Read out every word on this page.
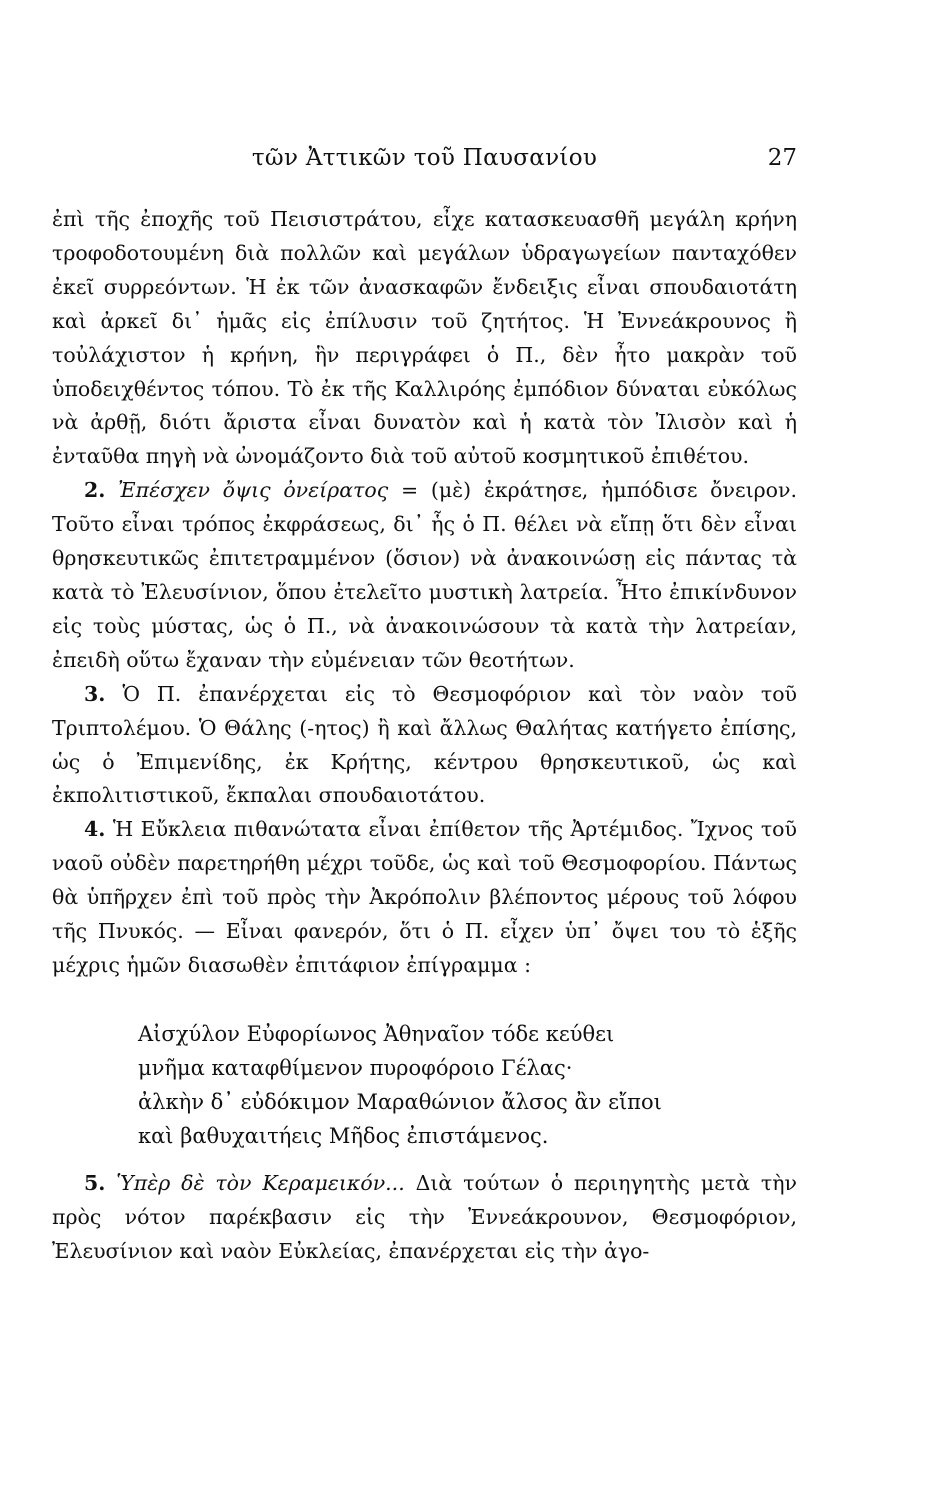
τῶν Ἀττικῶν τοῦ Παυσανίου	27

ἐπὶ τῆς ἐποχῆς τοῦ Πεισιστράτου, εἶχε κατασκευασθῆ μεγάλη κρήνη τροφοδοτουμένη διὰ πολλῶν καὶ μεγάλων ὑδραγωγείων πανταχόθεν ἐκεῖ συρρεόντων. Ἡ ἐκ τῶν ἀνασκαφῶν ἔνδειξις εἶναι σπουδαιοτάτη καὶ ἀρκεῖ δι᾽ ἡμᾶς εἰς ἐπίλυσιν τοῦ ζητήτος. Ἡ Ἐννεάκρουνος ἢ τοὐλάχιστον ἡ κρήνη, ἣν περιγράφει ὁ Π., δὲν ἦτο μακρὰν τοῦ ὑποδειχθέντος τόπου. Τὸ ἐκ τῆς Καλλιρόης ἐμπόδιον δύναται εὐκόλως νὰ ἀρθῇ, διότι ἄριστα εἶναι δυνατὸν καὶ ἡ κατὰ τὸν Ἰλισὸν καὶ ἡ ἐνταῦθα πηγὴ νὰ ὠνομάζοντο διὰ τοῦ αὐτοῦ κοσμητικοῦ ἐπιθέτου.

2. Ἐπέσχεν ὄψις ὀνείρατος = (μὲ) ἐκράτησε, ἠμπόδισε ὄνειρον. Τοῦτο εἶναι τρόπος ἐκφράσεως, δι᾽ ἧς ὁ Π. θέλει νὰ εἴπῃ ὅτι δὲν εἶναι θρησκευτικῶς ἐπιτετραμμένον (ὅσιον) νὰ ἀνακοινώσῃ εἰς πάντας τὰ κατὰ τὸ Ἐλευσίνιον, ὅπου ἐτελεῖτο μυστικὴ λατρεία. Ἦτο ἐπικίνδυνον εἰς τοὺς μύστας, ὡς ὁ Π., νὰ ἀνακοινώσουν τὰ κατὰ τὴν λατρείαν, ἐπειδὴ οὕτω ἔχαναν τὴν εὐμένειαν τῶν θεοτήτων.

3. Ὁ Π. ἐπανέρχεται εἰς τὸ Θεσμοφόριον καὶ τὸν ναὸν τοῦ Τριπτολέμου. Ὁ Θάλης (-ητος) ἢ καὶ ἄλλως Θαλήτας κατήγετο ἐπίσης, ὡς ὁ Ἐπιμενίδης, ἐκ Κρήτης, κέντρου θρησκευτικοῦ, ὡς καὶ ἐκπολιτιστικοῦ, ἔκπαλαι σπουδαιοτάτου.

4. Ἡ Εὔκλεια πιθανώτατα εἶναι ἐπίθετον τῆς Ἀρτέμιδος. Ἴχνος τοῦ ναοῦ οὐδὲν παρετηρήθη μέχρι τοῦδε, ὡς καὶ τοῦ Θεσμοφορίου. Πάντως θὰ ὑπῆρχεν ἐπὶ τοῦ πρὸς τὴν Ἀκρόπολιν βλέποντος μέρους τοῦ λόφου τῆς Πνυκός. — Εἶναι φανερόν, ὅτι ὁ Π. εἶχεν ὑπ᾽ ὄψει του τὸ ἑξῆς μέχρις ἡμῶν διασωθὲν ἐπιτάφιον ἐπίγραμμα :

Αἰσχύλον Εὐφορίωνος Ἀθηναῖον τόδε κεύθει
μνῆμα καταφθίμενον πυροφόροιο Γέλας·
ἀλκὴν δ᾽ εὐδόκιμον Μαραθώνιον ἄλσος ἂν εἴποι
καὶ βαθυχαιτήεις Μῆδος ἐπιστάμενος.

5. Ὑπὲρ δὲ τὸν Κεραμεικόν... Διὰ τούτων ὁ περιηγητὴς μετὰ τὴν πρὸς νότον παρέκβασιν εἰς τὴν Ἐννεάκρουνον, Θεσμοφόριον, Ἐλευσίνιον καὶ ναὸν Εὐκλείας, ἐπανέρχεται εἰς τὴν ἀγο-
